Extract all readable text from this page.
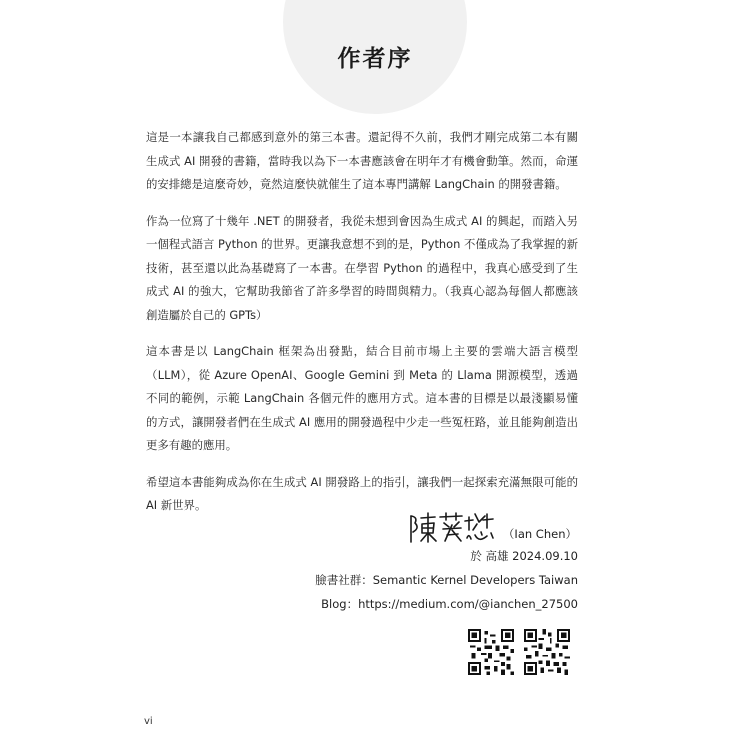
作者序

這是一本讓我自己都感到意外的第三本書。還記得不久前，我們才剛完成第二本有關生成式 AI 開發的書籍，當時我以為下一本書應該會在明年才有機會動筆。然而，命運的安排總是這麼奇妙，竟然這麼快就催生了這本專門講解 LangChain 的開發書籍。

作為一位寫了十幾年 .NET 的開發者，我從未想到會因為生成式 AI 的興起，而踏入另一個程式語言 Python 的世界。更讓我意想不到的是，Python 不僅成為了我掌握的新技術，甚至還以此為基礎寫了一本書。在學習 Python 的過程中，我真心感受到了生成式 AI 的強大，它幫助我節省了許多學習的時間與精力。（我真心認為每個人都應該創造屬於自己的 GPTs）

這本書是以 LangChain 框架為出發點，結合目前市場上主要的雲端大語言模型（LLM），從 Azure OpenAI、Google Gemini 到 Meta 的 Llama 開源模型，透過不同的範例，示範 LangChain 各個元件的應用方式。這本書的目標是以最淺顯易懂的方式，讓開發者們在生成式 AI 應用的開發過程中少走一些冤枉路，並且能夠創造出更多有趣的應用。

希望這本書能夠成為你在生成式 AI 開發路上的指引，讓我們一起探索充滿無限可能的 AI 新世界。

（Ian Chen）
於 高雄 2024.09.10
臉書社群：Semantic Kernel Developers Taiwan
Blog：https://medium.com/@ianchen_27500
vi
